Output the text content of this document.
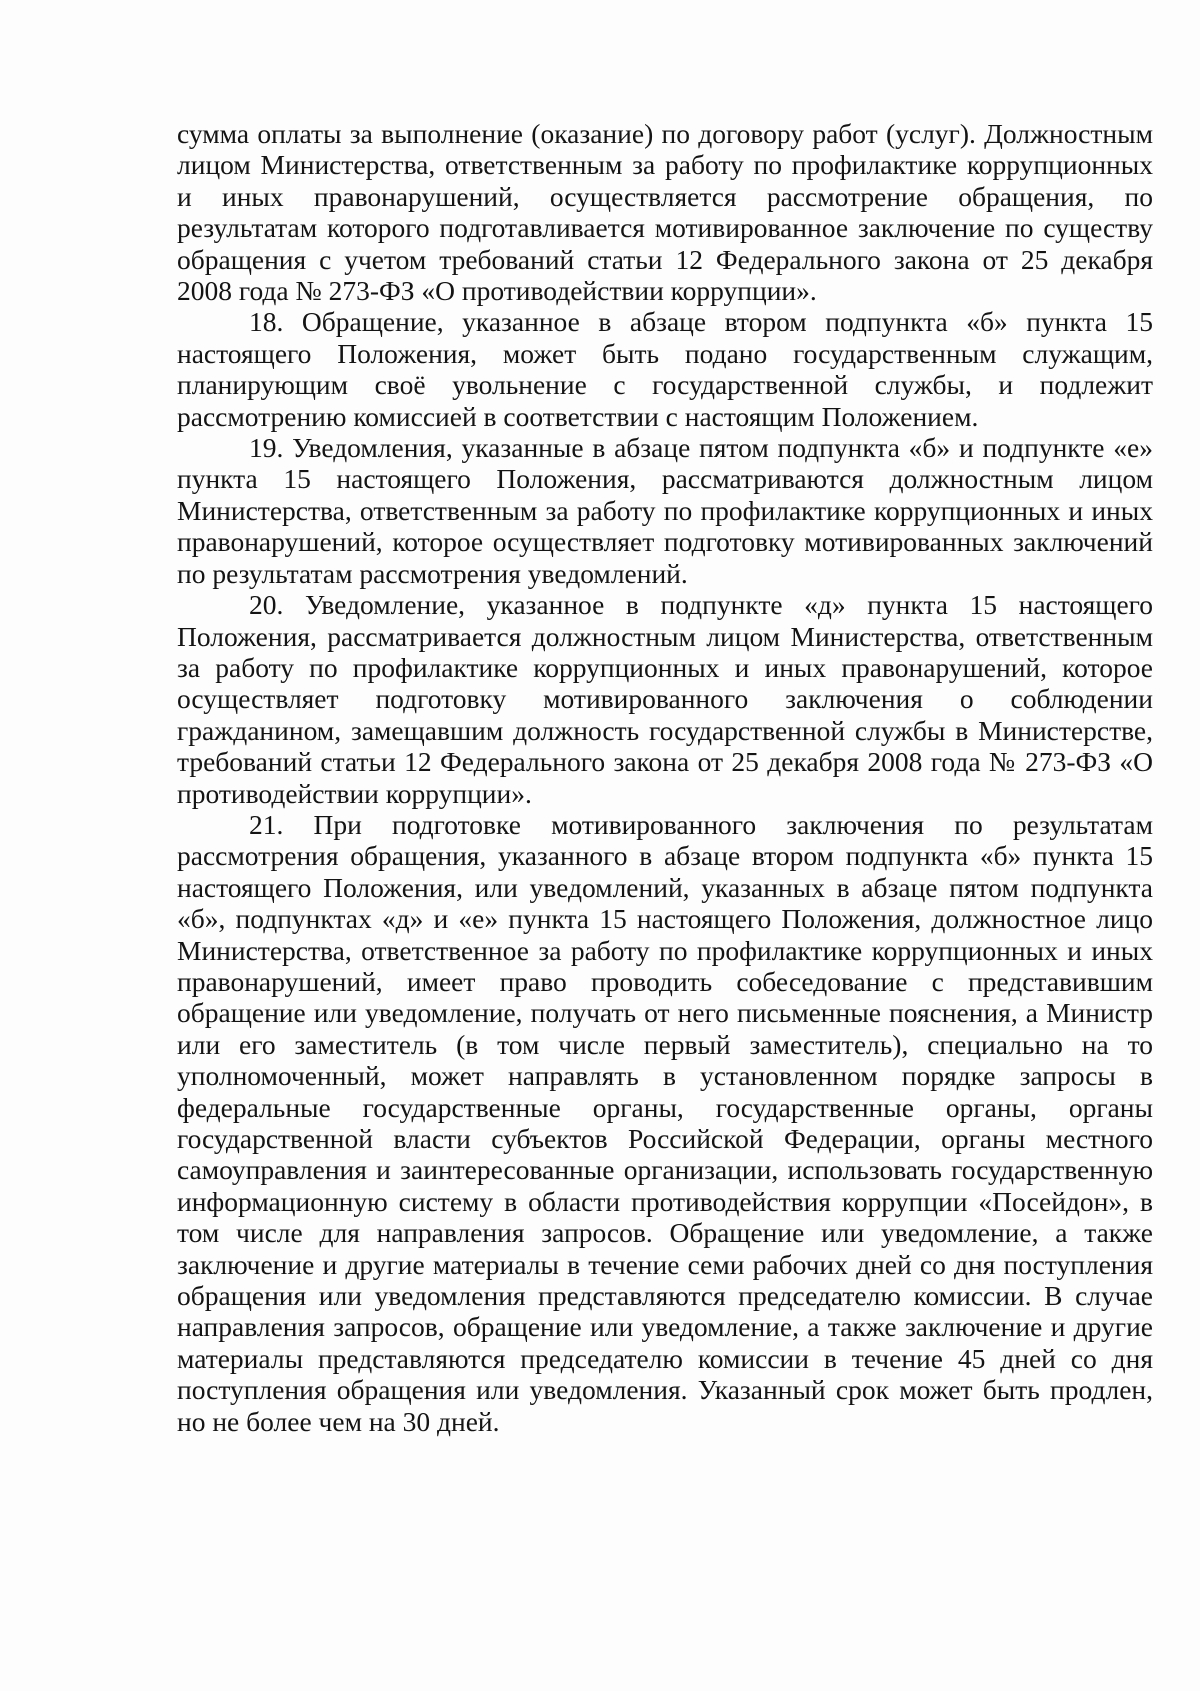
сумма оплаты за выполнение (оказание) по договору работ (услуг). Должностным лицом Министерства, ответственным за работу по профилактике коррупционных и иных правонарушений, осуществляется рассмотрение обращения, по результатам которого подготавливается мотивированное заключение по существу обращения с учетом требований статьи 12 Федерального закона от 25 декабря 2008 года № 273-ФЗ «О противодействии коррупции».

18. Обращение, указанное в абзаце втором подпункта «б» пункта 15 настоящего Положения, может быть подано государственным служащим, планирующим своё увольнение с государственной службы, и подлежит рассмотрению комиссией в соответствии с настоящим Положением.

19. Уведомления, указанные в абзаце пятом подпункта «б» и подпункте «е» пункта 15 настоящего Положения, рассматриваются должностным лицом Министерства, ответственным за работу по профилактике коррупционных и иных правонарушений, которое осуществляет подготовку мотивированных заключений по результатам рассмотрения уведомлений.

20. Уведомление, указанное в подпункте «д» пункта 15 настоящего Положения, рассматривается должностным лицом Министерства, ответственным за работу по профилактике коррупционных и иных правонарушений, которое осуществляет подготовку мотивированного заключения о соблюдении гражданином, замещавшим должность государственной службы в Министерстве, требований статьи 12 Федерального закона от 25 декабря 2008 года № 273-ФЗ «О противодействии коррупции».

21. При подготовке мотивированного заключения по результатам рассмотрения обращения, указанного в абзаце втором подпункта «б» пункта 15 настоящего Положения, или уведомлений, указанных в абзаце пятом подпункта «б», подпунктах «д» и «е» пункта 15 настоящего Положения, должностное лицо Министерства, ответственное за работу по профилактике коррупционных и иных правонарушений, имеет право проводить собеседование с представившим обращение или уведомление, получать от него письменные пояснения, а Министр или его заместитель (в том числе первый заместитель), специально на то уполномоченный, может направлять в установленном порядке запросы в федеральные государственные органы, государственные органы, органы государственной власти субъектов Российской Федерации, органы местного самоуправления и заинтересованные организации, использовать государственную информационную систему в области противодействия коррупции «Посейдон», в том числе для направления запросов. Обращение или уведомление, а также заключение и другие материалы в течение семи рабочих дней со дня поступления обращения или уведомления представляются председателю комиссии. В случае направления запросов, обращение или уведомление, а также заключение и другие материалы представляются председателю комиссии в течение 45 дней со дня поступления обращения или уведомления. Указанный срок может быть продлен, но не более чем на 30 дней.
